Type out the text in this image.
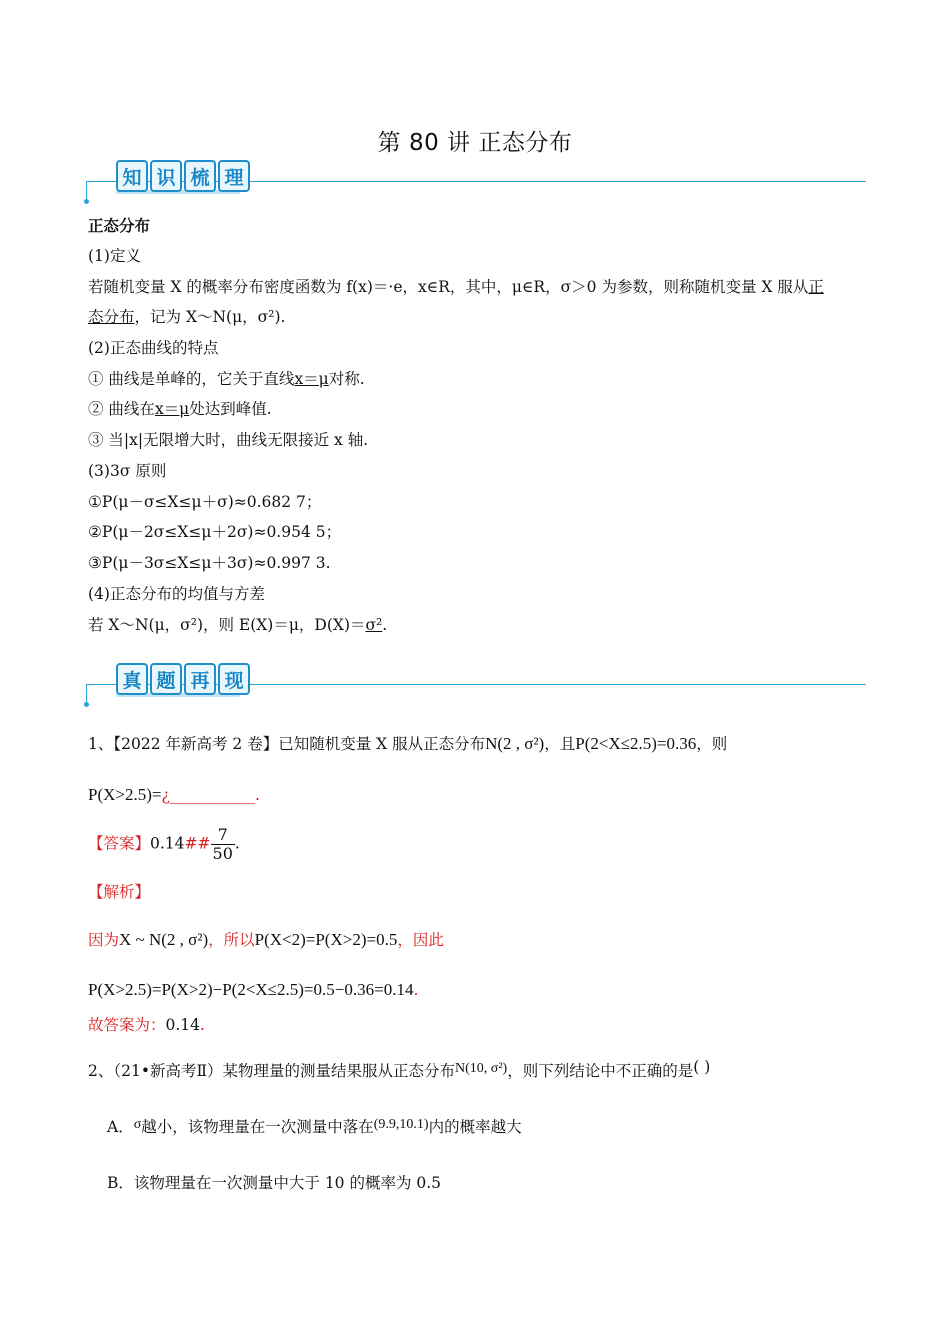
第 80 讲 正态分布
知 识 梳 理
正态分布
(1)定义
若随机变量 X 的概率分布密度函数为 f(x)＝·e，x∈R，其中，μ∈R，σ＞0 为参数，则称随机变量 X 服从正
态分布，记为 X～N(μ，σ²).
(2)正态曲线的特点
① 曲线是单峰的，它关于直线x＝μ对称.
② 曲线在x＝μ处达到峰值.
③ 当|x|无限增大时，曲线无限接近 x 轴.
(3)3σ 原则
①P(μ－σ≤X≤μ＋σ)≈0.682 7；
②P(μ－2σ≤X≤μ＋2σ)≈0.954 5；
③P(μ－3σ≤X≤μ＋3σ)≈0.997 3.
(4)正态分布的均值与方差
若 X～N(μ，σ²)，则 E(X)＝μ，D(X)＝σ².
真 题 再 现
1、【2022 年新高考 2 卷】已知随机变量 X 服从正态分布N(2 , σ²)，且P(2<X≤2.5)=0.36，则
P(X>2.5)=¿___________.
【答案】0.14## $\frac{7}{50}$ .
【解析】
因为X ~ N(2 , σ²)，所以P(X<2)=P(X>2)=0.5，因此
P(X>2.5)=P(X>2)−P(2<X≤2.5)=0.5−0.36=0.14.
故答案为：0.14.
2、（21•新高考Ⅱ）某物理量的测量结果服从正态分布N(10, σ²)，则下列结论中不正确的是( )
A．σ越小，该物理量在一次测量中落在(9.9,10.1)内的概率越大
B．该物理量在一次测量中大于 10 的概率为 0.5
